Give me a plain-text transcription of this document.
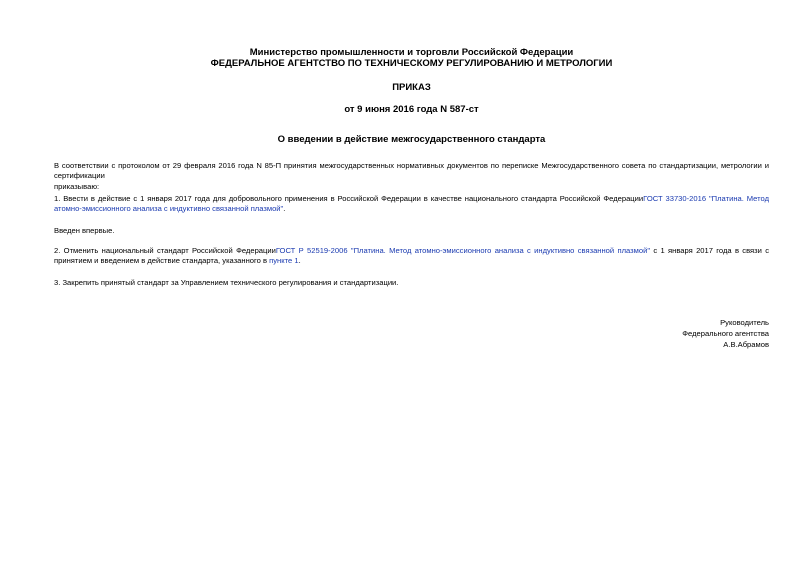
Министерство промышленности и торговли Российской Федерации
ФЕДЕРАЛЬНОЕ АГЕНТСТВО ПО ТЕХНИЧЕСКОМУ РЕГУЛИРОВАНИЮ И МЕТРОЛОГИИ
ПРИКАЗ
от 9 июня 2016 года N 587-ст
О введении в действие межгосударственного стандарта

В соответствии с протоколом от 29 февраля 2016 года N 85-П принятия межгосударственных нормативных документов по переписке Межгосударственного совета по стандартизации, метрологии и сертификации

приказываю:

1. Ввести в действие с 1 января 2017 года для добровольного применения в Российской Федерации в качестве национального стандарта Российской ФедерацииГОСТ 33730-2016 "Платина. Метод атомно-эмиссионного анализа с индуктивно связанной плазмой".

Введен впервые.

2. Отменить национальный стандарт Российской ФедерацииГОСТ Р 52519-2006 "Платина. Метод атомно-эмиссионного анализа с индуктивно связанной плазмой" с 1 января 2017 года в связи с принятием и введением в действие стандарта, указанного в пункте 1.

3. Закрепить принятый стандарт за Управлением технического регулирования и стандартизации.

Руководитель
Федерального агентства
А.В.Абрамов
